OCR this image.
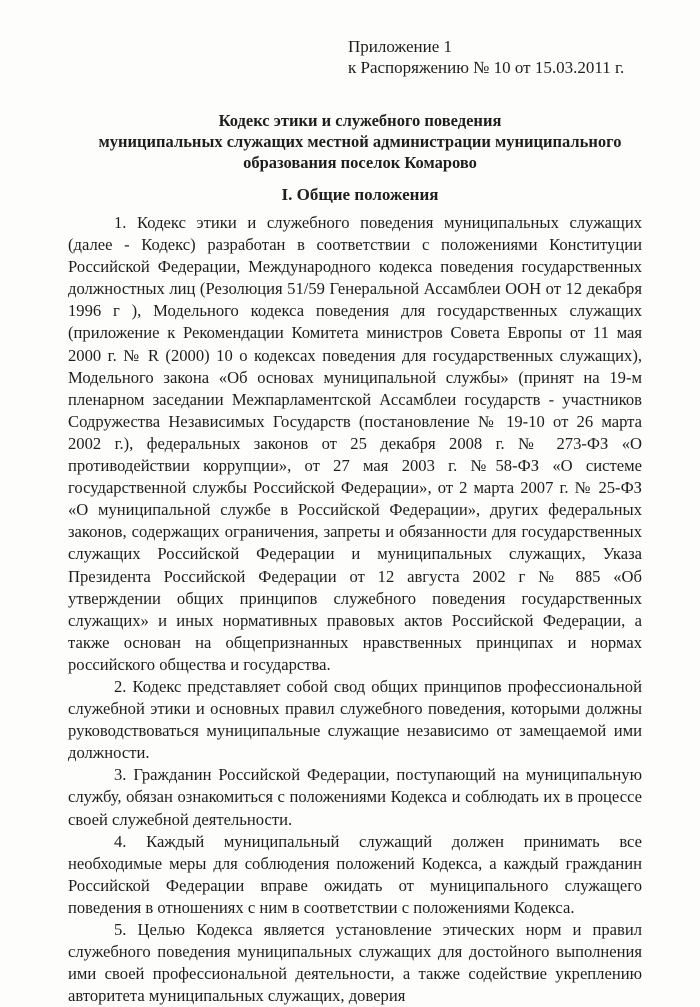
Приложение 1
к Распоряжению № 10 от 15.03.2011 г.
Кодекс этики и служебного поведения
муниципальных служащих местной администрации муниципального
образования поселок Комарово
I. Общие положения

1. Кодекс этики и служебного поведения муниципальных служащих (далее - Кодекс) разработан в соответствии с положениями Конституции Российской Федерации, Международного кодекса поведения государственных должностных лиц (Резолюция 51/59 Генеральной Ассамблеи ООН от 12 декабря 1996 г ), Модельного кодекса поведения для государственных служащих (приложение к Рекомендации Комитета министров Совета Европы от 11 мая 2000 г. № R (2000) 10 о кодексах поведения для государственных служащих), Модельного закона «Об основах муниципальной службы» (принят на 19-м пленарном заседании Межпарламентской Ассамблеи государств - участников Содружества Независимых Государств (постановление № 19-10 от 26 марта 2002 г.), федеральных законов от 25 декабря 2008 г. № 273-ФЗ «О противодействии коррупции», от 27 мая 2003 г. №58-ФЗ «О системе государственной службы Российской Федерации», от 2 марта 2007 г. № 25-ФЗ «О муниципальной службе в Российской Федерации», других федеральных законов, содержащих ограничения, запреты и обязанности для государственных служащих Российской Федерации и муниципальных служащих, Указа Президента Российской Федерации от 12 августа 2002 г № 885 «Об утверждении общих принципов служебного поведения государственных служащих» и иных нормативных правовых актов Российской Федерации, а также основан на общепризнанных нравственных принципах и нормах российского общества и государства.

2. Кодекс представляет собой свод общих принципов профессиональной служебной этики и основных правил служебного поведения, которыми должны руководствоваться муниципальные служащие независимо от замещаемой ими должности.

3. Гражданин Российской Федерации, поступающий на муниципальную службу, обязан ознакомиться с положениями Кодекса и соблюдать их в процессе своей служебной деятельности.

4. Каждый муниципальный служащий должен принимать все необходимые меры для соблюдения положений Кодекса, а каждый гражданин Российской Федерации вправе ожидать от муниципального служащего поведения в отношениях с ним в соответствии с положениями Кодекса.

5. Целью Кодекса является установление этических норм и правил служебного поведения муниципальных служащих для достойного выполнения ими своей профессиональной деятельности, а также содействие укреплению авторитета муниципальных служащих, доверия
